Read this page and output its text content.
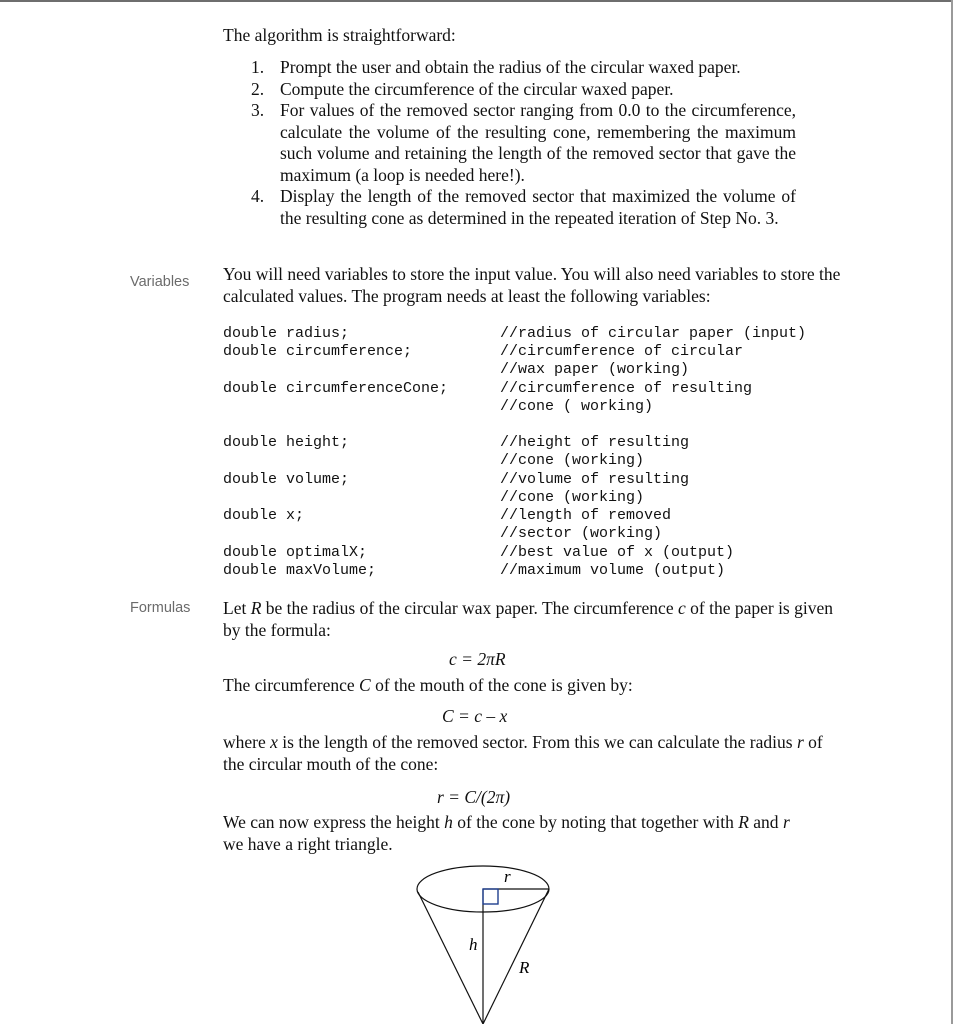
The algorithm is straightforward:
1. Prompt the user and obtain the radius of the circular waxed paper.
2. Compute the circumference of the circular waxed paper.
3. For values of the removed sector ranging from 0.0 to the circumference, calculate the volume of the resulting cone, remembering the maximum such volume and retaining the length of the removed sector that gave the maximum (a loop is needed here!).
4. Display the length of the removed sector that maximized the volume of the resulting cone as determined in the repeated iteration of Step No. 3.
Variables You will need variables to store the input value. You will also need variables to store the calculated values. The program needs at least the following variables:
double radius;	//radius of circular paper (input)
double circumference;	//circumference of circular
//wax paper (working)
double circumferenceCone;	//circumference of resulting
//cone ( working)
double height;	//height of resulting
//cone (working)
double volume;	//volume of resulting
//cone (working)
double x;	//length of removed
//sector (working)
double optimalX;	//best value of x (output)
double maxVolume;	//maximum volume (output)
Formulas Let R be the radius of the circular wax paper. The circumference c of the paper is given by the formula:
c = 2πR
The circumference C of the mouth of the cone is given by:
C = c – x
where x is the length of the removed sector. From this we can calculate the radius r of the circular mouth of the cone:
r = C/(2π)
We can now express the height h of the cone by noting that together with R and r
we have a right triangle.
r
h
R
